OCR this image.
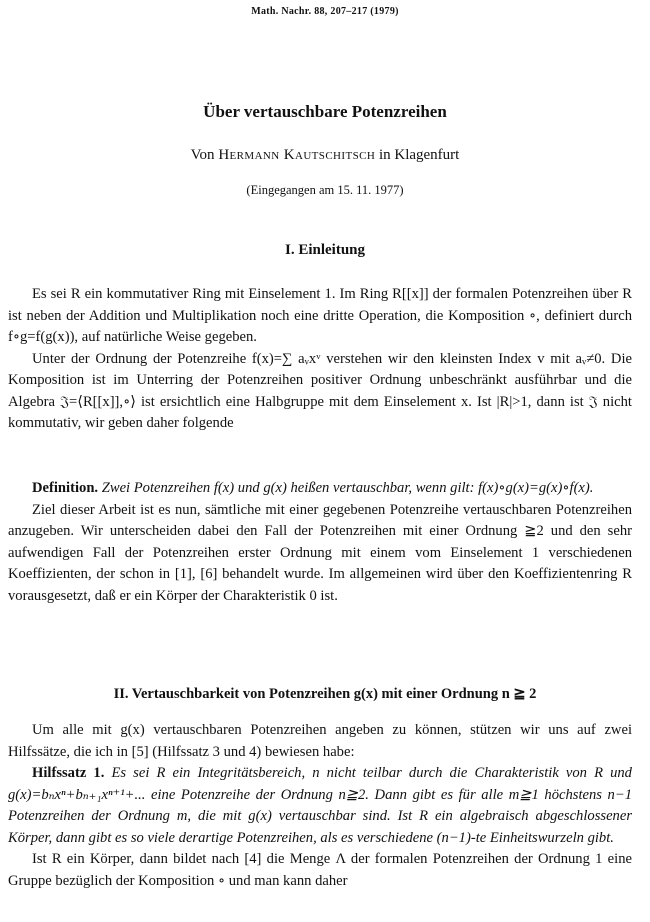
Math. Nachr. 88, 207–217 (1979)
Über vertauschbare Potenzreihen
Von Hermann Kautschitsch in Klagenfurt
(Eingegangen am 15. 11. 1977)
I. Einleitung

Es sei R ein kommutativer Ring mit Einselement 1. Im Ring R[[x]] der formalen Potenzreihen über R ist neben der Addition und Multiplikation noch eine dritte Operation, die Komposition ∘, definiert durch f∘g=f(g(x)), auf natürliche Weise gegeben.

Unter der Ordnung der Potenzreihe f(x)=∑ aᵥxᵛ verstehen wir den kleinsten Index v mit aᵥ≠0. Die Komposition ist im Unterring der Potenzreihen positiver Ordnung unbeschränkt ausführbar und die Algebra 𝔍=⟨R[[x]],∘⟩ ist ersichtlich eine Halbgruppe mit dem Einselement x. Ist |R|>1, dann ist 𝔍 nicht kommutativ, wir geben daher folgende

Definition. Zwei Potenzreihen f(x) und g(x) heißen vertauschbar, wenn gilt: f(x)∘g(x)=g(x)∘f(x).

Ziel dieser Arbeit ist es nun, sämtliche mit einer gegebenen Potenzreihe vertauschbaren Potenzreihen anzugeben. Wir unterscheiden dabei den Fall der Potenzreihen mit einer Ordnung ≧2 und den sehr aufwendigen Fall der Potenzreihen erster Ordnung mit einem vom Einselement 1 verschiedenen Koeffizienten, der schon in [1], [6] behandelt wurde. Im allgemeinen wird über den Koeffizientenring R vorausgesetzt, daß er ein Körper der Charakteristik 0 ist.

II. Vertauschbarkeit von Potenzreihen g(x) mit einer Ordnung n ≧ 2

Um alle mit g(x) vertauschbaren Potenzreihen angeben zu können, stützen wir uns auf zwei Hilfssätze, die ich in [5] (Hilfssatz 3 und 4) bewiesen habe:

Hilfssatz 1. Es sei R ein Integritätsbereich, n nicht teilbar durch die Charakteristik von R und g(x)=bₙxⁿ+bₙ₊₁xⁿ⁺¹+... eine Potenzreihe der Ordnung n≧2. Dann gibt es für alle m≧1 höchstens n−1 Potenzreihen der Ordnung m, die mit g(x) vertauschbar sind. Ist R ein algebraisch abgeschlossener Körper, dann gibt es so viele derartige Potenzreihen, als es verschiedene (n−1)-te Einheitswurzeln gibt.

Ist R ein Körper, dann bildet nach [4] die Menge Λ der formalen Potenzreihen der Ordnung 1 eine Gruppe bezüglich der Komposition ∘ und man kann daher
